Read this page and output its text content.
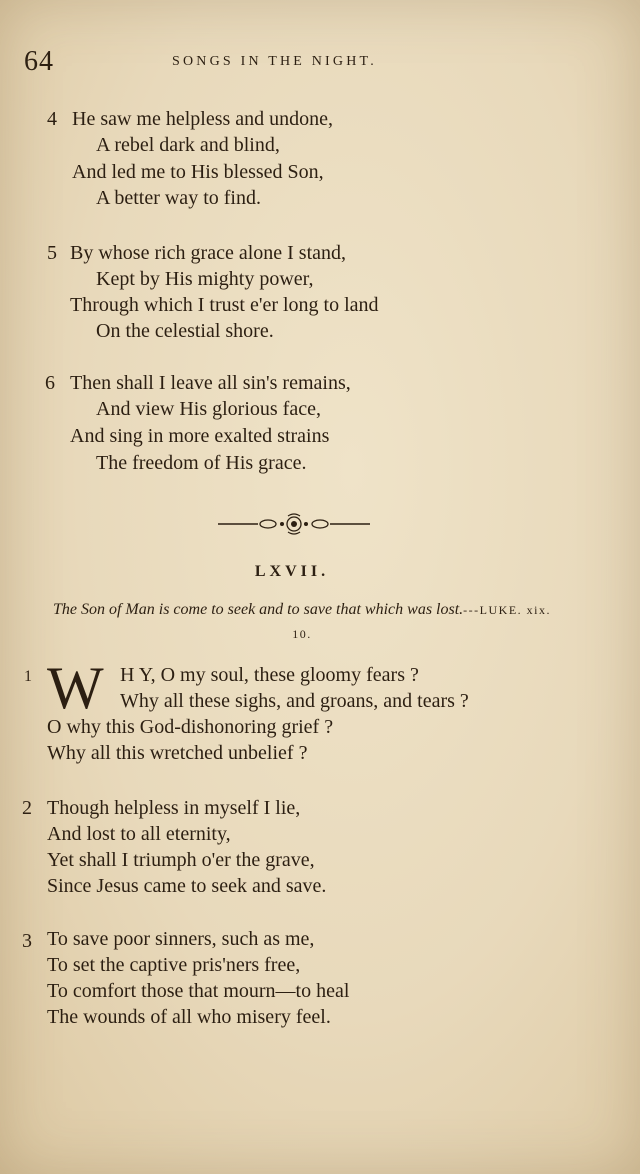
64	SONGS IN THE NIGHT.
4 He saw me helpless and undone,
A rebel dark and blind,
And led me to His blessed Son,
A better way to find.
5 By whose rich grace alone I stand,
Kept by His mighty power,
Through which I trust e'er long to land
On the celestial shore.
6 Then shall I leave all sin's remains,
And view His glorious face,
And sing in more exalted strains
The freedom of His grace.
LXVII.
The Son of Man is come to seek and to save that which was lost.---LUKE. xix. 10.
1 W H Y, O my soul, these gloomy fears ?
Why all these sighs, and groans, and tears ?
O why this God-dishonoring grief ?
Why all this wretched unbelief ?
2 Though helpless in myself I lie,
And lost to all eternity,
Yet shall I triumph o'er the grave,
Since Jesus came to seek and save.
3 To save poor sinners, such as me,
To set the captive pris'ners free,
To comfort those that mourn—to heal
The wounds of all who misery feel.
